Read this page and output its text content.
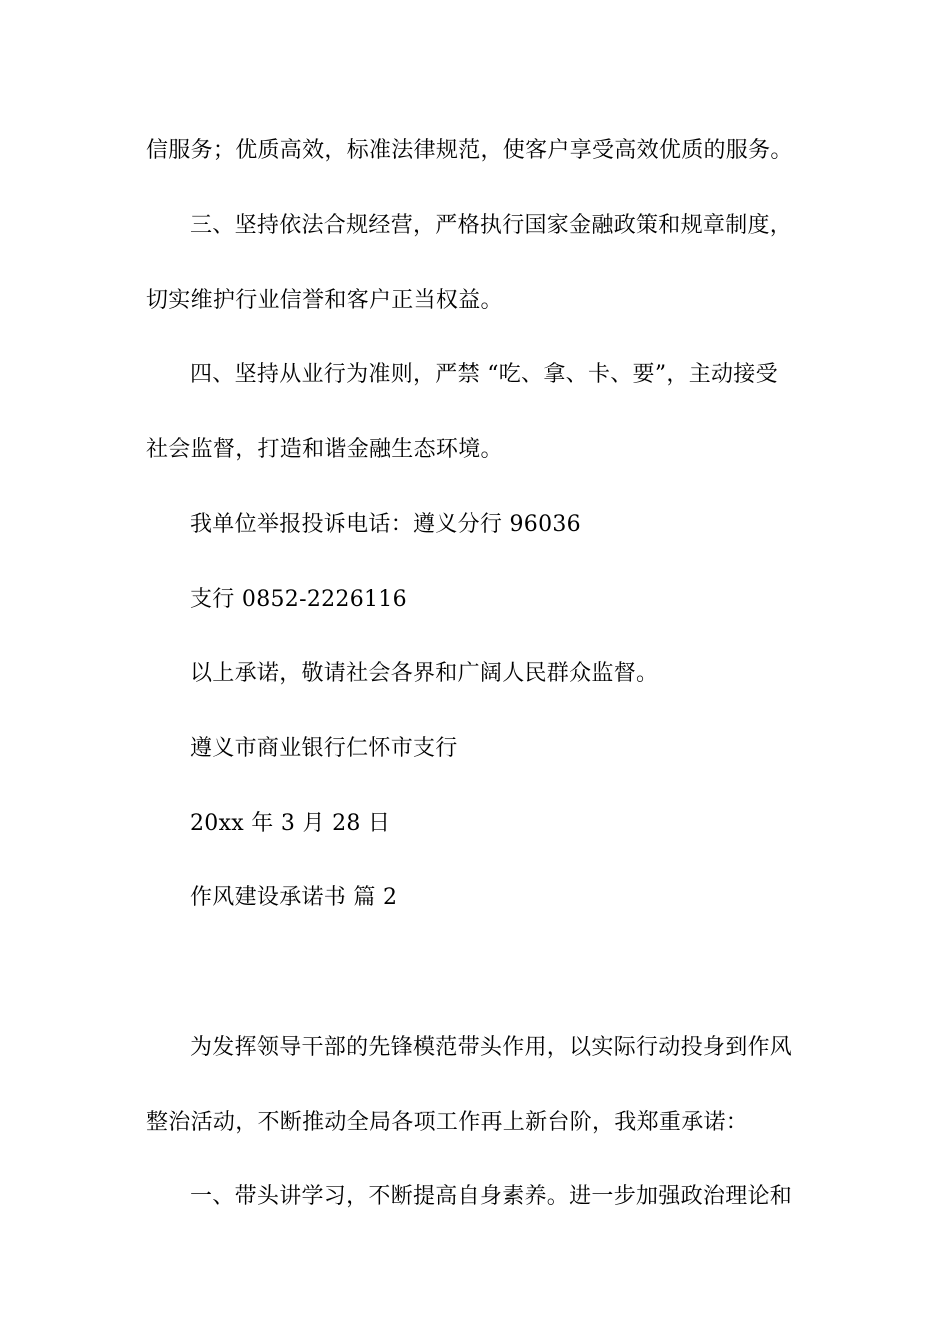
信服务；优质高效，标准法律规范，使客户享受高效优质的服务。
三、坚持依法合规经营，严格执行国家金融政策和规章制度，
切实维护行业信誉和客户正当权益。
四、坚持从业行为准则，严禁 “吃、拿、卡、要”，主动接受
社会监督，打造和谐金融生态环境。
我单位举报投诉电话：遵义分行 96036
支行 0852-2226116
以上承诺，敬请社会各界和广阔人民群众监督。
遵义市商业银行仁怀市支行
20xx 年 3 月 28 日
作风建设承诺书 篇 2
为发挥领导干部的先锋模范带头作用，以实际行动投身到作风
整治活动，不断推动全局各项工作再上新台阶，我郑重承诺：
一、带头讲学习，不断提高自身素养。进一步加强政治理论和
